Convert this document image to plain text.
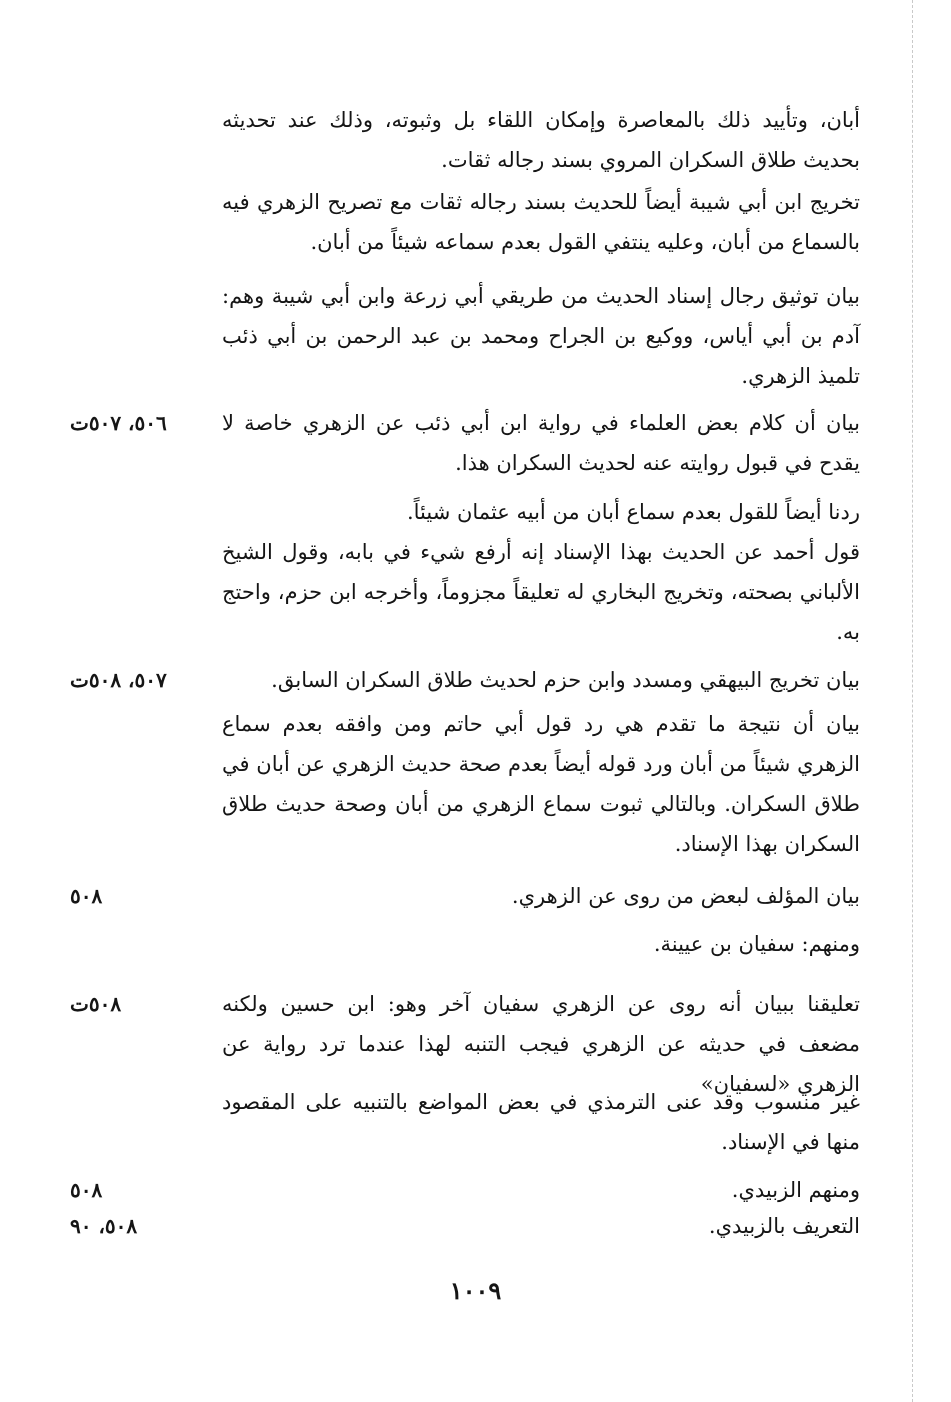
أبان، وتأييد ذلك بالمعاصرة وإمكان اللقاء بل وثبوته، وذلك عند تحديثه بحديث طلاق السكران المروي بسند رجاله ثقات.
تخريج ابن أبي شيبة أيضاً للحديث بسند رجاله ثقات مع تصريح الزهري فيه بالسماع من أبان، وعليه ينتفي القول بعدم سماعه شيئاً من أبان.
بيان توثيق رجال إسناد الحديث من طريقي أبي زرعة وابن أبي شيبة وهم: آدم بن أبي أياس، ووكيع بن الجراح ومحمد بن عبد الرحمن بن أبي ذئب تلميذ الزهري.
بيان أن كلام بعض العلماء في رواية ابن أبي ذئب عن الزهري خاصة لا يقدح في قبول روايته عنه لحديث السكران هذا.
٥٠٦، ٥٠٧ت
ردنا أيضاً للقول بعدم سماع أبان من أبيه عثمان شيئاً.
قول أحمد عن الحديث بهذا الإسناد إنه أرفع شيء في بابه، وقول الشيخ الألباني بصحته، وتخريج البخاري له تعليقاً مجزوماً، وأخرجه ابن حزم، واحتج به.
بيان تخريج البيهقي ومسدد وابن حزم لحديث طلاق السكران السابق.
٥٠٧، ٥٠٨ت
بيان أن نتيجة ما تقدم هي رد قول أبي حاتم ومن وافقه بعدم سماع الزهري شيئاً من أبان ورد قوله أيضاً بعدم صحة حديث الزهري عن أبان في طلاق السكران. وبالتالي ثبوت سماع الزهري من أبان وصحة حديث طلاق السكران بهذا الإسناد.
بيان المؤلف لبعض من روى عن الزهري.
٥٠٨
ومنهم: سفيان بن عيينة.
تعليقنا ببيان أنه روى عن الزهري سفيان آخر وهو: ابن حسين ولكنه مضعف في حديثه عن الزهري فيجب التنبه لهذا عندما ترد رواية عن الزهري «لسفيان»
٥٠٨ت
غير منسوب وقد عنى الترمذي في بعض المواضع بالتنبيه على المقصود منها في الإسناد.
ومنهم الزبيدي.
٥٠٨
التعريف بالزبيدي.
٥٠٨، ٩٠
١٠٠٩
